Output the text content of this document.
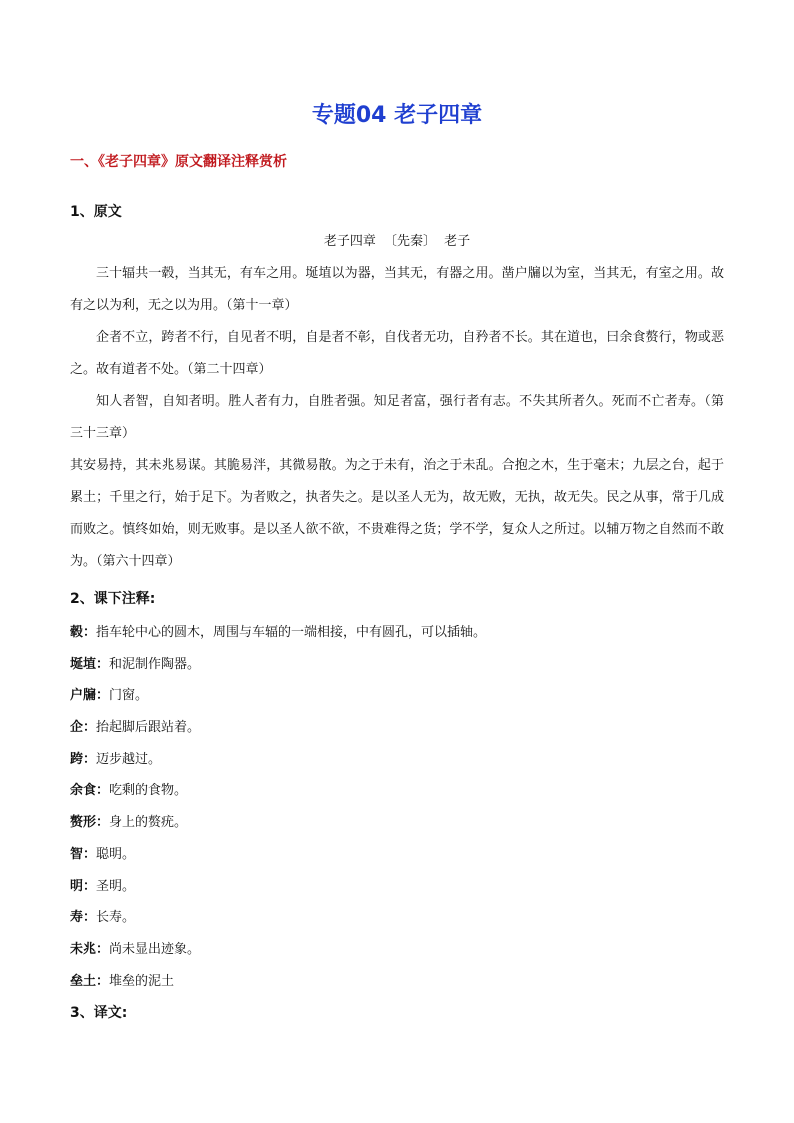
专题04 老子四章
一、《老子四章》原文翻译注释赏析
1、原文
老子四章 〔先秦〕 老子

三十辐共一毂，当其无，有车之用。埏埴以为器，当其无，有器之用。凿户牖以为室，当其无，有室之用。故有之以为利，无之以为用。（第十一章）

企者不立，跨者不行，自见者不明，自是者不彰，自伐者无功，自矜者不长。其在道也，曰余食赘行，物或恶之。故有道者不处。（第二十四章）

知人者智，自知者明。胜人者有力，自胜者强。知足者富，强行者有志。不失其所者久。死而不亡者寿。（第三十三章）

其安易持，其未兆易谋。其脆易泮，其微易散。为之于未有，治之于未乱。合抱之木，生于毫末；九层之台，起于累土；千里之行，始于足下。为者败之，执者失之。是以圣人无为，故无败，无执，故无失。民之从事，常于几成而败之。慎终如始，则无败事。是以圣人欲不欲，不贵难得之货；学不学，复众人之所过。以辅万物之自然而不敢为。（第六十四章）

2、课下注释:
毂：指车轮中心的圆木，周围与车辐的一端相接，中有圆孔，可以插轴。
埏埴：和泥制作陶器。
户牖：门窗。
企：抬起脚后跟站着。
跨：迈步越过。
余食：吃剩的食物。
赘形：身上的赘疣。
智：聪明。
明：圣明。
寿：长寿。
未兆：尚未显出迹象。
垒土：堆垒的泥土
3、译文:
